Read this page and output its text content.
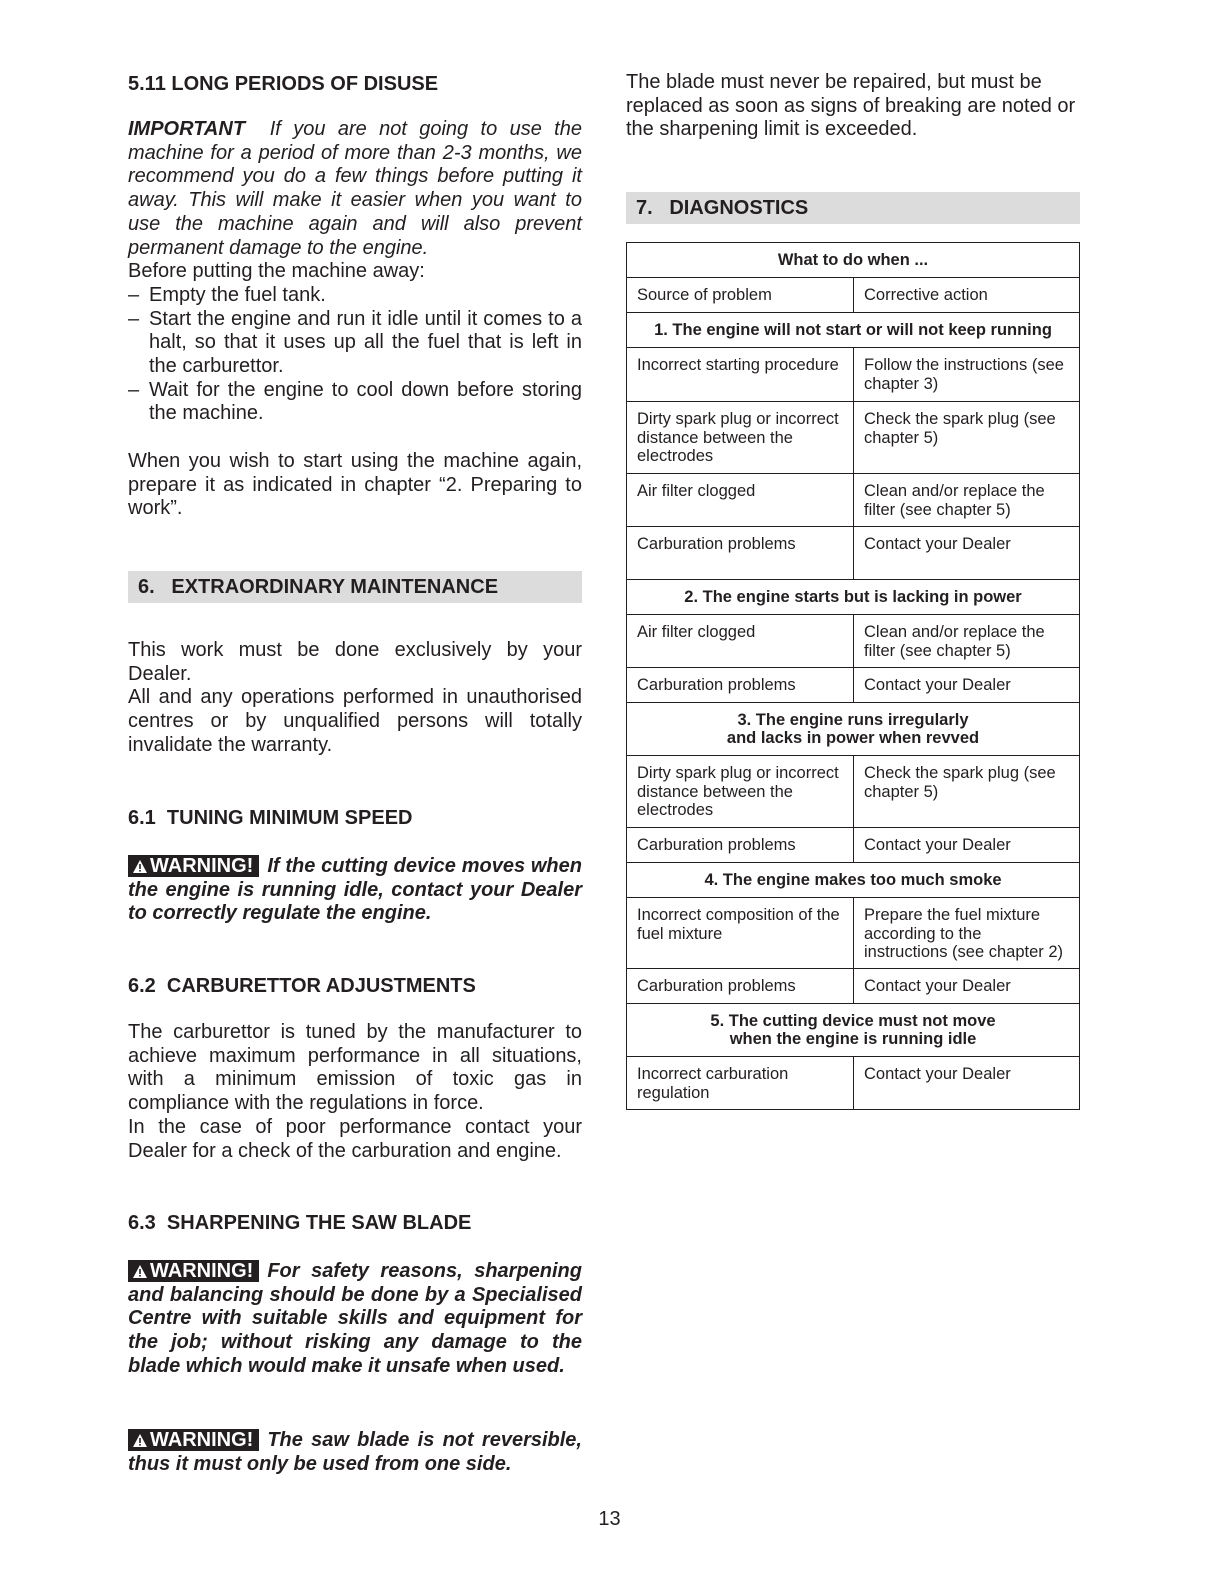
5.11 LONG PERIODS OF DISUSE

IMPORTANT If you are not going to use the machine for a period of more than 2-3 months, we recommend you do a few things before putting it away. This will make it easier when you want to use the machine again and will also prevent permanent damage to the engine.

Before putting the machine away:

– Empty the fuel tank.

– Start the engine and run it idle until it comes to a halt, so that it uses up all the fuel that is left in the carburettor.

– Wait for the engine to cool down before storing the machine.

When you wish to start using the machine again, prepare it as indicated in chapter “2. Preparing to work”.

6.   EXTRAORDINARY MAINTENANCE

This work must be done exclusively by your Dealer.

All and any operations performed in unauthorised centres or by unqualified persons will totally invalidate the warranty.

6.1  TUNING MINIMUM SPEED

WARNING! If the cutting device moves when the engine is running idle, contact your Dealer to correctly regulate the engine.

6.2  CARBURETTOR ADJUSTMENTS

The carburettor is tuned by the manufacturer to achieve maximum performance in all situations, with a minimum emission of toxic gas in compliance with the regulations in force.

In the case of poor performance contact your Dealer for a check of the carburation and engine.

6.3  SHARPENING THE SAW BLADE

WARNING! For safety reasons, sharpening and balancing should be done by a Specialised Centre with suitable skills and equipment for the job; without risking any damage to the blade which would make it unsafe when used.

WARNING! The saw blade is not reversible, thus it must only be used from one side.

The blade must never be repaired, but must be replaced as soon as signs of breaking are noted or the sharpening limit is exceeded.

7.   DIAGNOSTICS
What to do when ...	
Source of problem	Corrective action
1. The engine will not start or will not keep running	
Incorrect starting procedure	Follow the instructions (see chapter 3)
Dirty spark plug or incorrect distance between the electrodes	Check the spark plug (see chapter 5)
Air filter clogged	Clean and/or replace the filter (see chapter 5)
Carburation problems	Contact your Dealer
2. The engine starts but is lacking in power	
Air filter clogged	Clean and/or replace the filter (see chapter 5)
Carburation problems	Contact your Dealer
3. The engine runs irregularly
and lacks in power when revved	
Dirty spark plug or incorrect distance between the electrodes	Check the spark plug (see chapter 5)
Carburation problems	Contact your Dealer
4. The engine makes too much smoke	
Incorrect composition of the fuel mixture	Prepare the fuel mixture according to the instructions (see chapter 2)
Carburation problems	Contact your Dealer
5. The cutting device must not move
when the engine is running idle	
Incorrect carburation regulation	Contact your Dealer
13
